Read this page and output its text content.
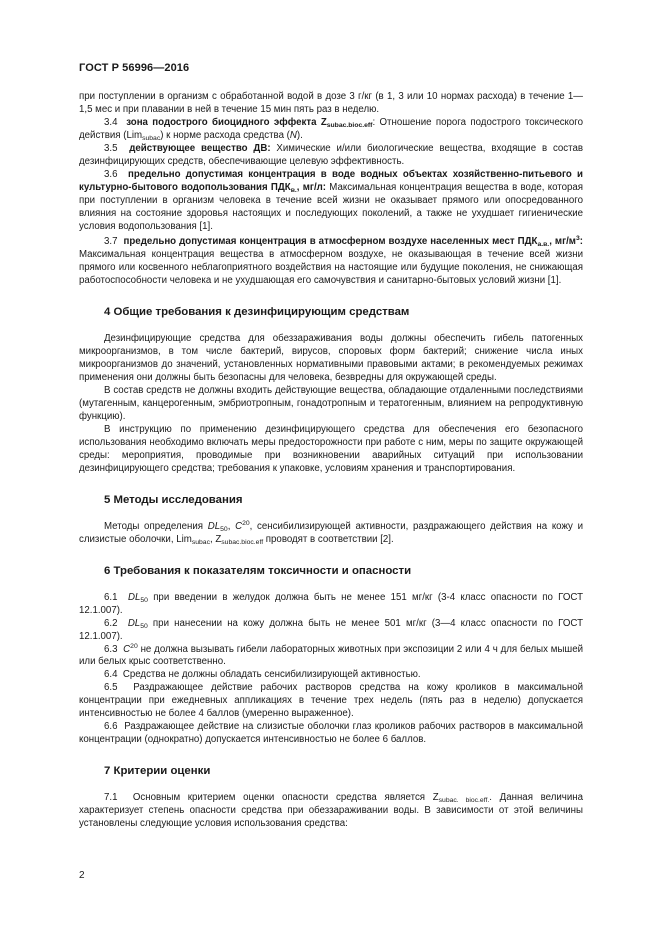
ГОСТ Р 56996—2016

при поступлении в организм с обработанной водой в дозе 3 г/кг (в 1, 3 или 10 нормах расхода) в течение 1—1,5 мес и при плавании в ней в течение 15 мин пять раз в неделю.

3.4 зона подострого биоцидного эффекта $Z_{subac.bioc.eff}$: Отношение порога подострого токсического действия (Lim$_{subac}$) к норме расхода средства (N).

3.5 действующее вещество ДВ: Химические и/или биологические вещества, входящие в состав дезинфицирующих средств, обеспечивающие целевую эффективность.

3.6 предельно допустимая концентрация в воде водных объектах хозяйственно-питьевого и культурно-бытового водопользования $ПДК_{в.}$, мг/л: Максимальная концентрация вещества в воде, которая при поступлении в организм человека в течение всей жизни не оказывает прямого или опосредованного влияния на состояние здоровья настоящих и последующих поколений, а также не ухудшает гигиенические условия водопользования [1].

3.7 предельно допустимая концентрация в атмосферном воздухе населенных мест $ПДК_{а.в.}$, $мг/м^3$: Максимальная концентрация вещества в атмосферном воздухе, не оказывающая в течение всей жизни прямого или косвенного неблагоприятного воздействия на настоящие или будущие поколения, не снижающая работоспособности человека и не ухудшающая его самочувствия и санитарно-бытовых условий жизни [1].

4 Общие требования к дезинфицирующим средствам

Дезинфицирующие средства для обеззараживания воды должны обеспечить гибель патогенных микроорганизмов, в том числе бактерий, вирусов, споровых форм бактерий; снижение числа иных микроорганизмов до значений, установленных нормативными правовыми актами; в рекомендуемых режимах применения они должны быть безопасны для человека, безвредны для окружающей среды.

В состав средств не должны входить действующие вещества, обладающие отдаленными последствиями (мутагенным, канцерогенным, эмбриотропным, гонадотропным и тератогенным, влиянием на репродуктивную функцию).

В инструкцию по применению дезинфицирующего средства для обеспечения его безопасного использования необходимо включать меры предосторожности при работе с ним, меры по защите окружающей среды: мероприятия, проводимые при возникновении аварийных ситуаций при использовании дезинфицирующего средства; требования к упаковке, условиям хранения и транспортирования.

5 Методы исследования

Методы определения $DL_{50}$, $C^{20}$, сенсибилизирующей активности, раздражающего действия на кожу и слизистые оболочки, Lim$_{subac}$, $Z_{subac.bioc.eff}$ проводят в соответствии [2].

6 Требования к показателям токсичности и опасности

6.1 $DL_{50}$ при введении в желудок должна быть не менее 151 мг/кг (3-4 класс опасности по ГОСТ 12.1.007).

6.2 $DL_{50}$ при нанесении на кожу должна быть не менее 501 мг/кг (3—4 класс опасности по ГОСТ 12.1.007).

6.3 $C^{20}$ не должна вызывать гибели лабораторных животных при экспозиции 2 или 4 ч для белых мышей или белых крыс соответственно.

6.4 Средства не должны обладать сенсибилизирующей активностью.

6.5 Раздражающее действие рабочих растворов средства на кожу кроликов в максимальной концентрации при ежедневных аппликациях в течение трех недель (пять раз в неделю) допускается интенсивностью не более 4 баллов (умеренно выраженное).

6.6 Раздражающее действие на слизистые оболочки глаз кроликов рабочих растворов в максимальной концентрации (однократно) допускается интенсивностью не более 6 баллов.

7 Критерии оценки

7.1 Основным критерием оценки опасности средства является $Z_{subac. bioc.eff.}$. Данная величина характеризует степень опасности средства при обеззараживании воды. В зависимости от этой величины установлены следующие условия использования средства:

2
